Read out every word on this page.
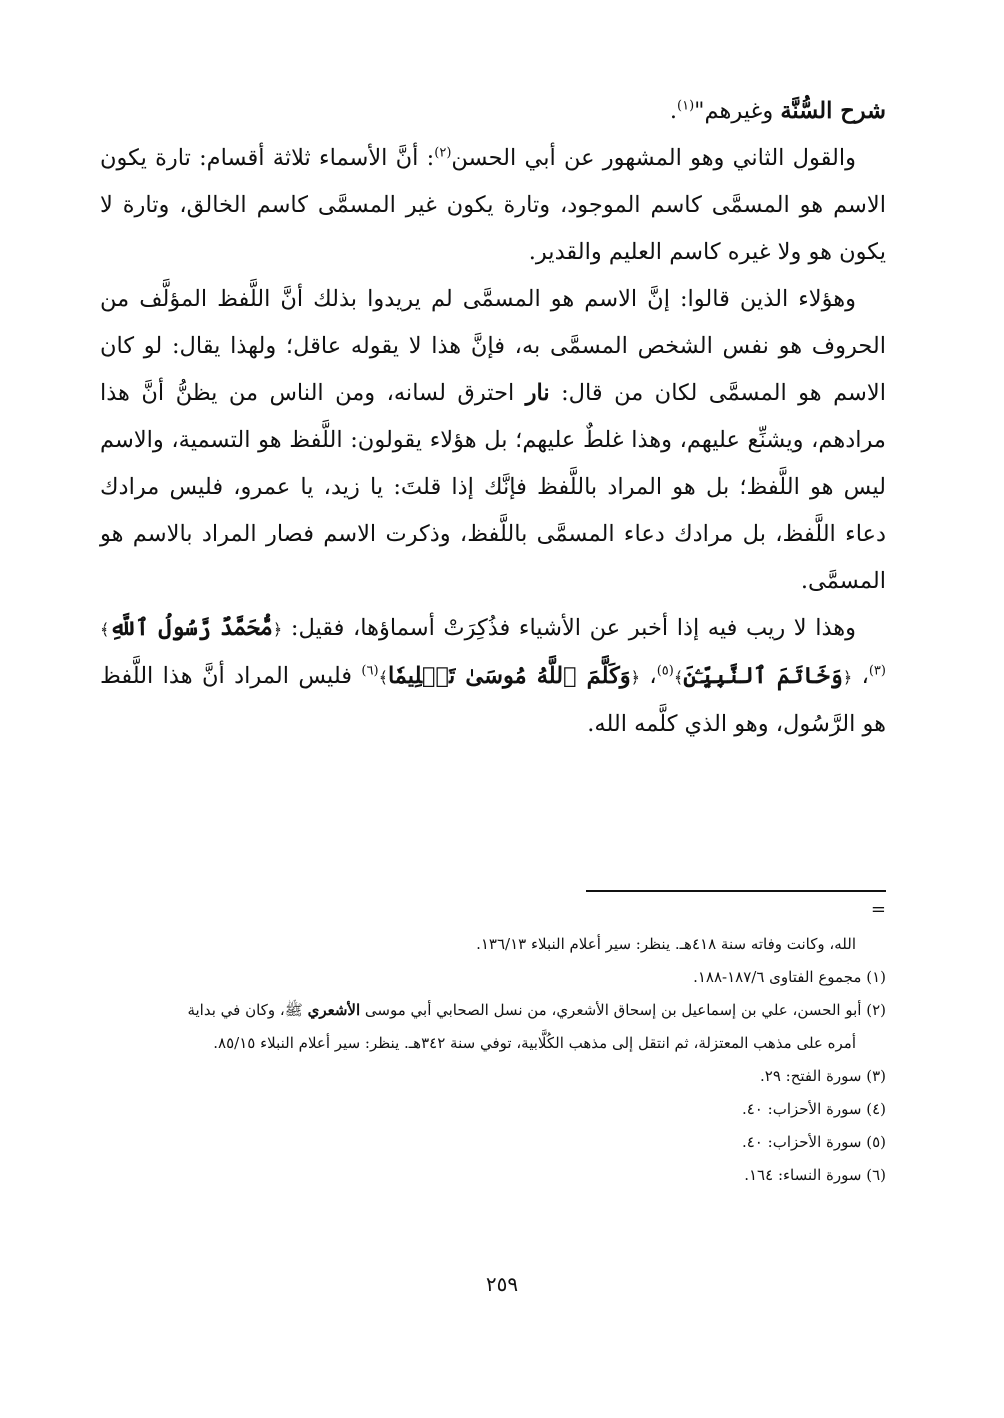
شرح السُّنَّة وغيرهم"$^{(١)}$.

والقول الثاني وهو المشهور عن أبي الحسن$^{(٢)}$: أنَّ الأسماء ثلاثة أقسام: تارة يكون الاسم هو المسمَّى كاسم الموجود، وتارة يكون غير المسمَّى كاسم الخالق، وتارة لا يكون هو ولا غيره كاسم العليم والقدير.

وهؤلاء الذين قالوا: إنَّ الاسم هو المسمَّى لم يريدوا بذلك أنَّ اللَّفظ المؤلَّف من الحروف هو نفس الشخص المسمَّى به، فإنَّ هذا لا يقوله عاقل؛ ولهذا يقال: لو كان الاسم هو المسمَّى لكان من قال: نار احترق لسانه، ومن الناس من يظنُّ أنَّ هذا مرادهم، ويشنِّع عليهم، وهذا غلطٌ عليهم؛ بل هؤلاء يقولون: اللَّفظ هو التسمية، والاسم ليس هو اللَّفظ؛ بل هو المراد باللَّفظ فإنَّك إذا قلتَ: يا زيد، يا عمرو، فليس مرادك دعاء اللَّفظ، بل مرادك دعاء المسمَّى باللَّفظ، وذكرت الاسم فصار المراد بالاسم هو المسمَّى.

وهذا لا ريب فيه إذا أخبر عن الأشياء فذُكِرَتْ أسماؤها، فقيل: ﴿مُّحَمَّدٌ رَّسُولُ ٱللَّهِ﴾$^{(٣)}$، ﴿وَخَاتَمَ ٱلنَّبِيِّـۧنَ﴾$^{(٥)}$، ﴿وَكَلَّمَ ٱللَّهُ مُوسَىٰ تَكۡلِيمٗا﴾$^{(٦)}$ فليس المراد أنَّ هذا اللَّفظ هو الرَّسُول، وهو الذي كلَّمه الله.

=

الله، وكانت وفاته سنة ٤١٨هـ. ينظر: سير أعلام النبلاء ١٣٦/١٣.

(١) مجموع الفتاوى ١٨٧/٦-١٨٨.

(٢) أبو الحسن، علي بن إسماعيل بن إسحاق الأشعري، من نسل الصحابي أبي موسى الأشعري ﷺ، وكان في بداية
أمره على مذهب المعتزلة، ثم انتقل إلى مذهب الكُلَّابية، توفي سنة ٣٤٢هـ. ينظر: سير أعلام النبلاء ٨٥/١٥.

(٣) سورة الفتح: ٢٩.

(٤) سورة الأحزاب: ٤٠.

(٥) سورة الأحزاب: ٤٠.

(٦) سورة النساء: ١٦٤.

٢٥٩
